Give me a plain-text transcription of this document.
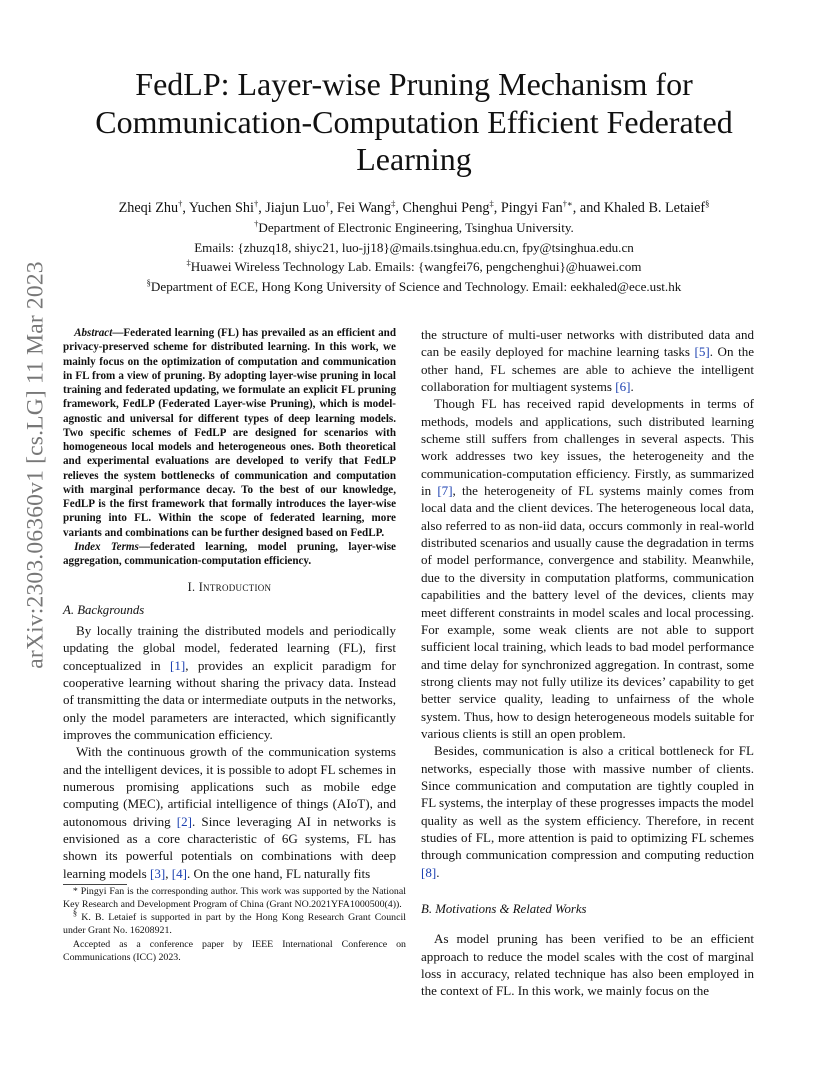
arXiv:2303.06360v1 [cs.LG] 11 Mar 2023
FedLP: Layer-wise Pruning Mechanism for
Communication-Computation Efficient Federated
Learning
Zheqi Zhu†, Yuchen Shi†, Jiajun Luo†, Fei Wang‡, Chenghui Peng‡, Pingyi Fan†∗, and Khaled B. Letaief§
†Department of Electronic Engineering, Tsinghua University.
Emails: {zhuzq18, shiyc21, luo-jj18}@mails.tsinghua.edu.cn, fpy@tsinghua.edu.cn
‡Huawei Wireless Technology Lab. Emails: {wangfei76, pengchenghui}@huawei.com
§Department of ECE, Hong Kong University of Science and Technology. Email: eekhaled@ece.ust.hk

Abstract—Federated learning (FL) has prevailed as an efficient and privacy-preserved scheme for distributed learning. In this work, we mainly focus on the optimization of computation and communication in FL from a view of pruning. By adopting layer-wise pruning in local training and federated updating, we formulate an explicit FL pruning framework, FedLP (Federated Layer-wise Pruning), which is model-agnostic and universal for different types of deep learning models. Two specific schemes of FedLP are designed for scenarios with homogeneous local models and heterogeneous ones. Both theoretical and experimental evaluations are developed to verify that FedLP relieves the system bottlenecks of communication and computation with marginal performance decay. To the best of our knowledge, FedLP is the first framework that formally introduces the layer-wise pruning into FL. Within the scope of federated learning, more variants and combinations can be further designed based on FedLP.

Index Terms—federated learning, model pruning, layer-wise aggregation, communication-computation efficiency.

I. Introduction
A. Backgrounds

By locally training the distributed models and periodically updating the global model, federated learning (FL), first conceptualized in [1], provides an explicit paradigm for cooperative learning without sharing the privacy data. Instead of transmitting the data or intermediate outputs in the networks, only the model parameters are interacted, which significantly improves the communication efficiency.

With the continuous growth of the communication systems and the intelligent devices, it is possible to adopt FL schemes in numerous promising applications such as mobile edge computing (MEC), artificial intelligence of things (AIoT), and autonomous driving [2]. Since leveraging AI in networks is envisioned as a core characteristic of 6G systems, FL has shown its powerful potentials on combinations with deep learning models [3], [4]. On the one hand, FL naturally fits

* Pingyi Fan is the corresponding author. This work was supported by the National Key Research and Development Program of China (Grant NO.2021YFA1000500(4)).

§ K. B. Letaief is supported in part by the Hong Kong Research Grant Council under Grant No. 16208921.

Accepted as a conference paper by IEEE International Conference on Communications (ICC) 2023.

the structure of multi-user networks with distributed data and can be easily deployed for machine learning tasks [5]. On the other hand, FL schemes are able to achieve the intelligent collaboration for multiagent systems [6].

Though FL has received rapid developments in terms of methods, models and applications, such distributed learning scheme still suffers from challenges in several aspects. This work addresses two key issues, the heterogeneity and the communication-computation efficiency. Firstly, as summarized in [7], the heterogeneity of FL systems mainly comes from local data and the client devices. The heterogeneous local data, also referred to as non-iid data, occurs commonly in real-world distributed scenarios and usually cause the degradation in terms of model performance, convergence and stability. Meanwhile, due to the diversity in computation platforms, communication capabilities and the battery level of the devices, clients may meet different constraints in model scales and local processing. For example, some weak clients are not able to support sufficient local training, which leads to bad model performance and time delay for synchronized aggregation. In contrast, some strong clients may not fully utilize its devices’ capability to get better service quality, leading to unfairness of the whole system. Thus, how to design heterogeneous models suitable for various clients is still an open problem.

Besides, communication is also a critical bottleneck for FL networks, especially those with massive number of clients. Since communication and computation are tightly coupled in FL systems, the interplay of these progresses impacts the model quality as well as the system efficiency. Therefore, in recent studies of FL, more attention is paid to optimizing FL schemes through communication compression and computing reduction [8].

B. Motivations & Related Works

As model pruning has been verified to be an efficient approach to reduce the model scales with the cost of marginal loss in accuracy, related technique has also been employed in the context of FL. In this work, we mainly focus on the
